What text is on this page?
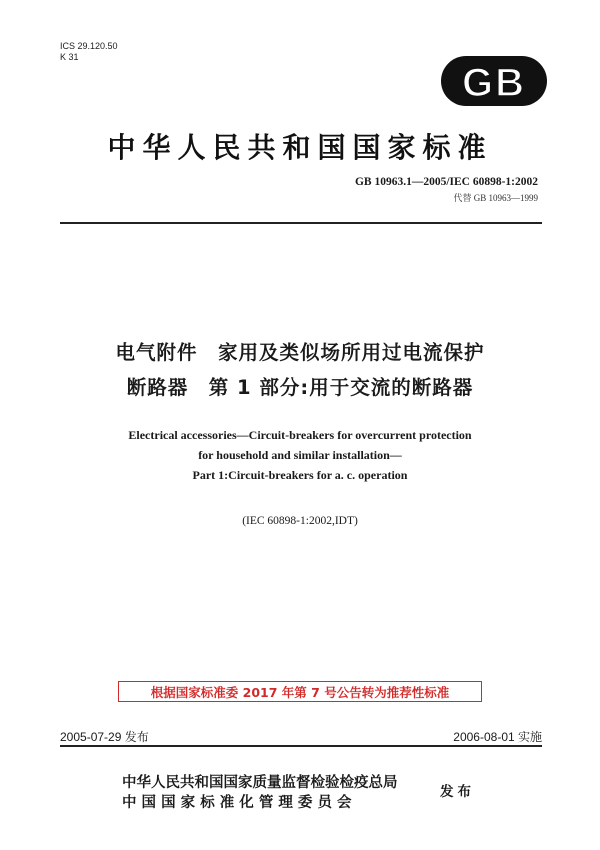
ICS 29.120.50
K 31
GB
中华人民共和国国家标准
GB 10963.1—2005/IEC 60898-1:2002
代替 GB 10963—1999
电气附件　家用及类似场所用过电流保护
断路器　第 1 部分:用于交流的断路器
Electrical accessories—Circuit-breakers for overcurrent protection
for household and similar installation—
Part 1:Circuit-breakers for a. c. operation
(IEC 60898-1:2002,IDT)
根据国家标准委 2017 年第 7 号公告转为推荐性标准
2005-07-29 发布	2006-08-01 实施
中华人民共和国国家质量监督检验检疫总局
中 国 国 家 标 准 化 管 理 委 员 会
发布
